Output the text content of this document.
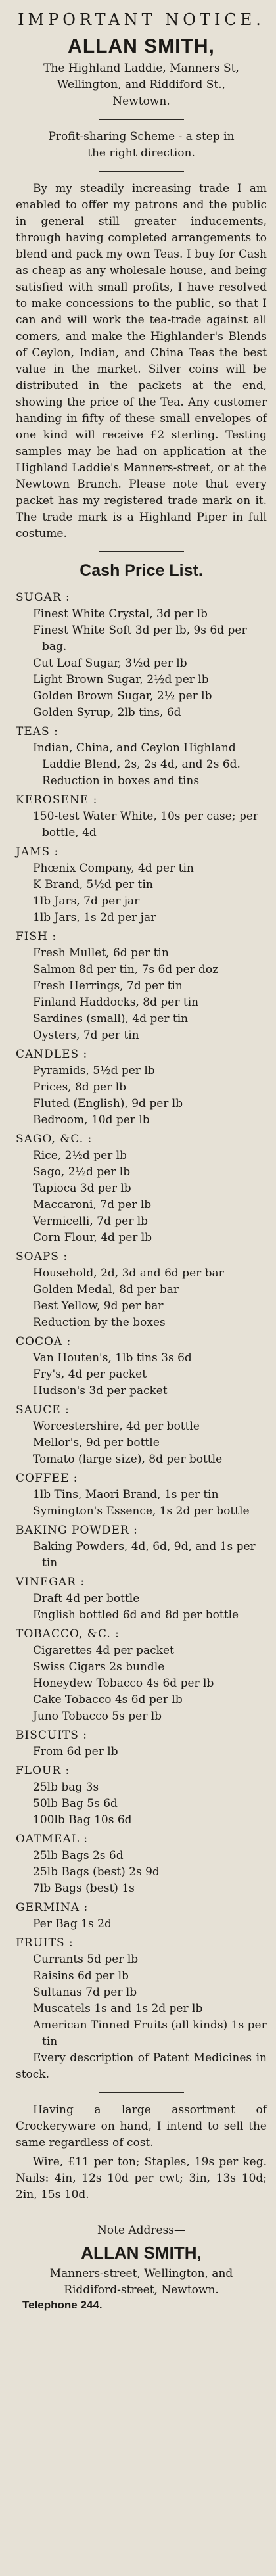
IMPORTANT NOTICE.
ALLAN SMITH,
The Highland Laddie, Manners St,
Wellington, and Riddiford St.,
Newtown.
Profit-sharing Scheme - a step in
the right direction.

By my steadily increasing trade I am enabled to offer my patrons and the public in general still greater inducements, through having completed arrangements to blend and pack my own Teas. I buy for Cash as cheap as any wholesale house, and being satisfied with small profits, I have resolved to make concessions to the public, so that I can and will work the tea-trade against all comers, and make the Highlander's Blends of Ceylon, Indian, and China Teas the best value in the market. Silver coins will be distributed in the packets at the end, showing the price of the Tea. Any customer handing in fifty of these small envelopes of one kind will receive £2 sterling. Testing samples may be had on application at the Highland Laddie's Manners-street, or at the Newtown Branch. Please note that every packet has my registered trade mark on it. The trade mark is a Highland Piper in full costume.

Cash Price List.
SUGAR :
Finest White Crystal, 3d per lb
Finest White Soft 3d per lb, 9s 6d per bag.
Cut Loaf Sugar, 3½d per lb
Light Brown Sugar, 2½d per lb
Golden Brown Sugar, 2½ per lb
Golden Syrup, 2lb tins, 6d
TEAS :
Indian, China, and Ceylon Highland Laddie Blend, 2s, 2s 4d, and 2s 6d. Reduction in boxes and tins
KEROSENE :
150-test Water White, 10s per case; per bottle, 4d
JAMS :
Phœnix Company, 4d per tin
K Brand, 5½d per tin
1lb Jars, 7d per jar
1lb Jars, 1s 2d per jar
FISH :
Fresh Mullet, 6d per tin
Salmon 8d per tin, 7s 6d per doz
Fresh Herrings, 7d per tin
Finland Haddocks, 8d per tin
Sardines (small), 4d per tin
Oysters, 7d per tin
CANDLES :
Pyramids, 5½d per lb
Prices, 8d per lb
Fluted (English), 9d per lb
Bedroom, 10d per lb
SAGO, &C. :
Rice, 2½d per lb
Sago, 2½d per lb
Tapioca 3d per lb
Maccaroni, 7d per lb
Vermicelli, 7d per lb
Corn Flour, 4d per lb
SOAPS :
Household, 2d, 3d and 6d per bar
Golden Medal, 8d per bar
Best Yellow, 9d per bar
Reduction by the boxes
COCOA :
Van Houten's, 1lb tins 3s 6d
Fry's, 4d per packet
Hudson's 3d per packet
SAUCE :
Worcestershire, 4d per bottle
Mellor's, 9d per bottle
Tomato (large size), 8d per bottle
COFFEE :
1lb Tins, Maori Brand, 1s per tin
Symington's Essence, 1s 2d per bottle
BAKING POWDER :
Baking Powders, 4d, 6d, 9d, and 1s per tin
VINEGAR :
Draft 4d per bottle
English bottled 6d and 8d per bottle
TOBACCO, &C. :
Cigarettes 4d per packet
Swiss Cigars 2s bundle
Honeydew Tobacco 4s 6d per lb
Cake Tobacco 4s 6d per lb
Juno Tobacco 5s per lb
BISCUITS :
From 6d per lb
FLOUR :
25lb bag 3s
50lb Bag 5s 6d
100lb Bag 10s 6d
OATMEAL :
25lb Bags 2s 6d
25lb Bags (best) 2s 9d
7lb Bags (best) 1s
GERMINA :
Per Bag 1s 2d
FRUITS :
Currants 5d per lb
Raisins 6d per lb
Sultanas 7d per lb
Muscatels 1s and 1s 2d per lb
American Tinned Fruits (all kinds) 1s per tin

Every description of Patent Medicines in stock.

Having a large assortment of Crockeryware on hand, I intend to sell the same regardless of cost.

Wire, £11 per ton; Staples, 19s per keg. Nails: 4in, 12s 10d per cwt; 3in, 13s 10d; 2in, 15s 10d.

Note Address—
ALLAN SMITH,
Manners-street, Wellington, and
Riddiford-street, Newtown.
Telephone 244.
